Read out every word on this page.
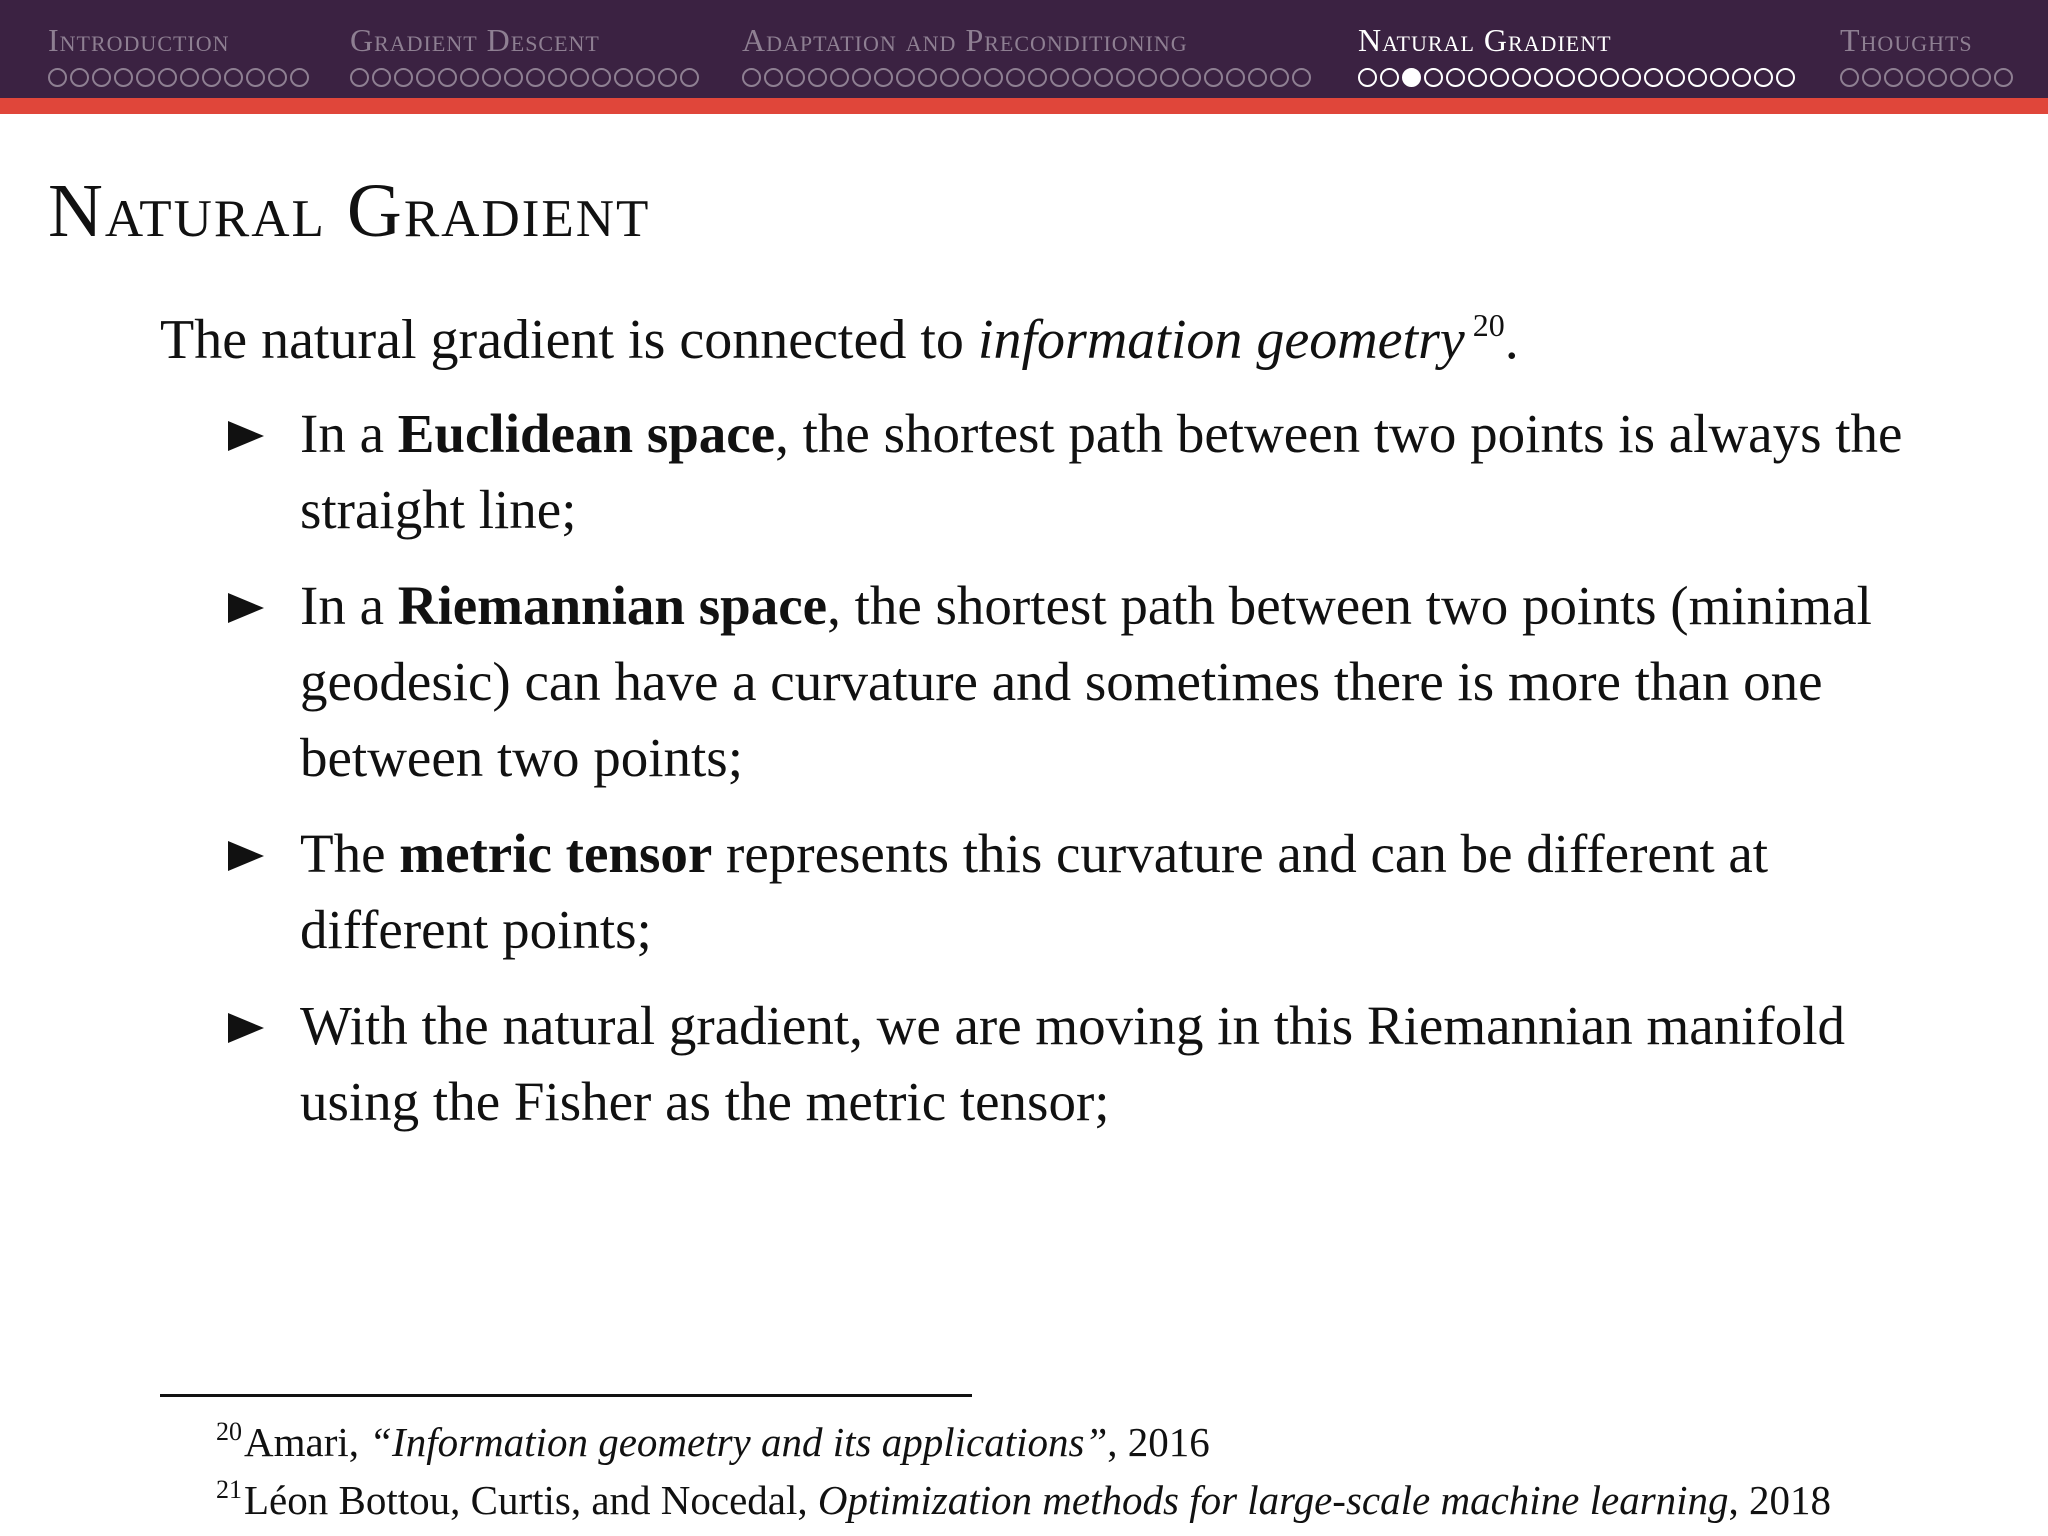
Introduction	Gradient Descent	Adaptation and Preconditioning	Natural Gradient	Thoughts
Natural Gradient
The natural gradient is connected to information geometry $^{20}$.
In a Euclidean space, the shortest path between two points is always the straight line;
In a Riemannian space, the shortest path between two points (minimal geodesic) can have a curvature and sometimes there is more than one between two points;
The metric tensor represents this curvature and can be different at different points;
With the natural gradient, we are moving in this Riemannian manifold using the Fisher as the metric tensor;
$^{20}$Amari, “Information geometry and its applications”, 2016
$^{21}$Léon Bottou, Curtis, and Nocedal, Optimization methods for large-scale machine learning, 2018
